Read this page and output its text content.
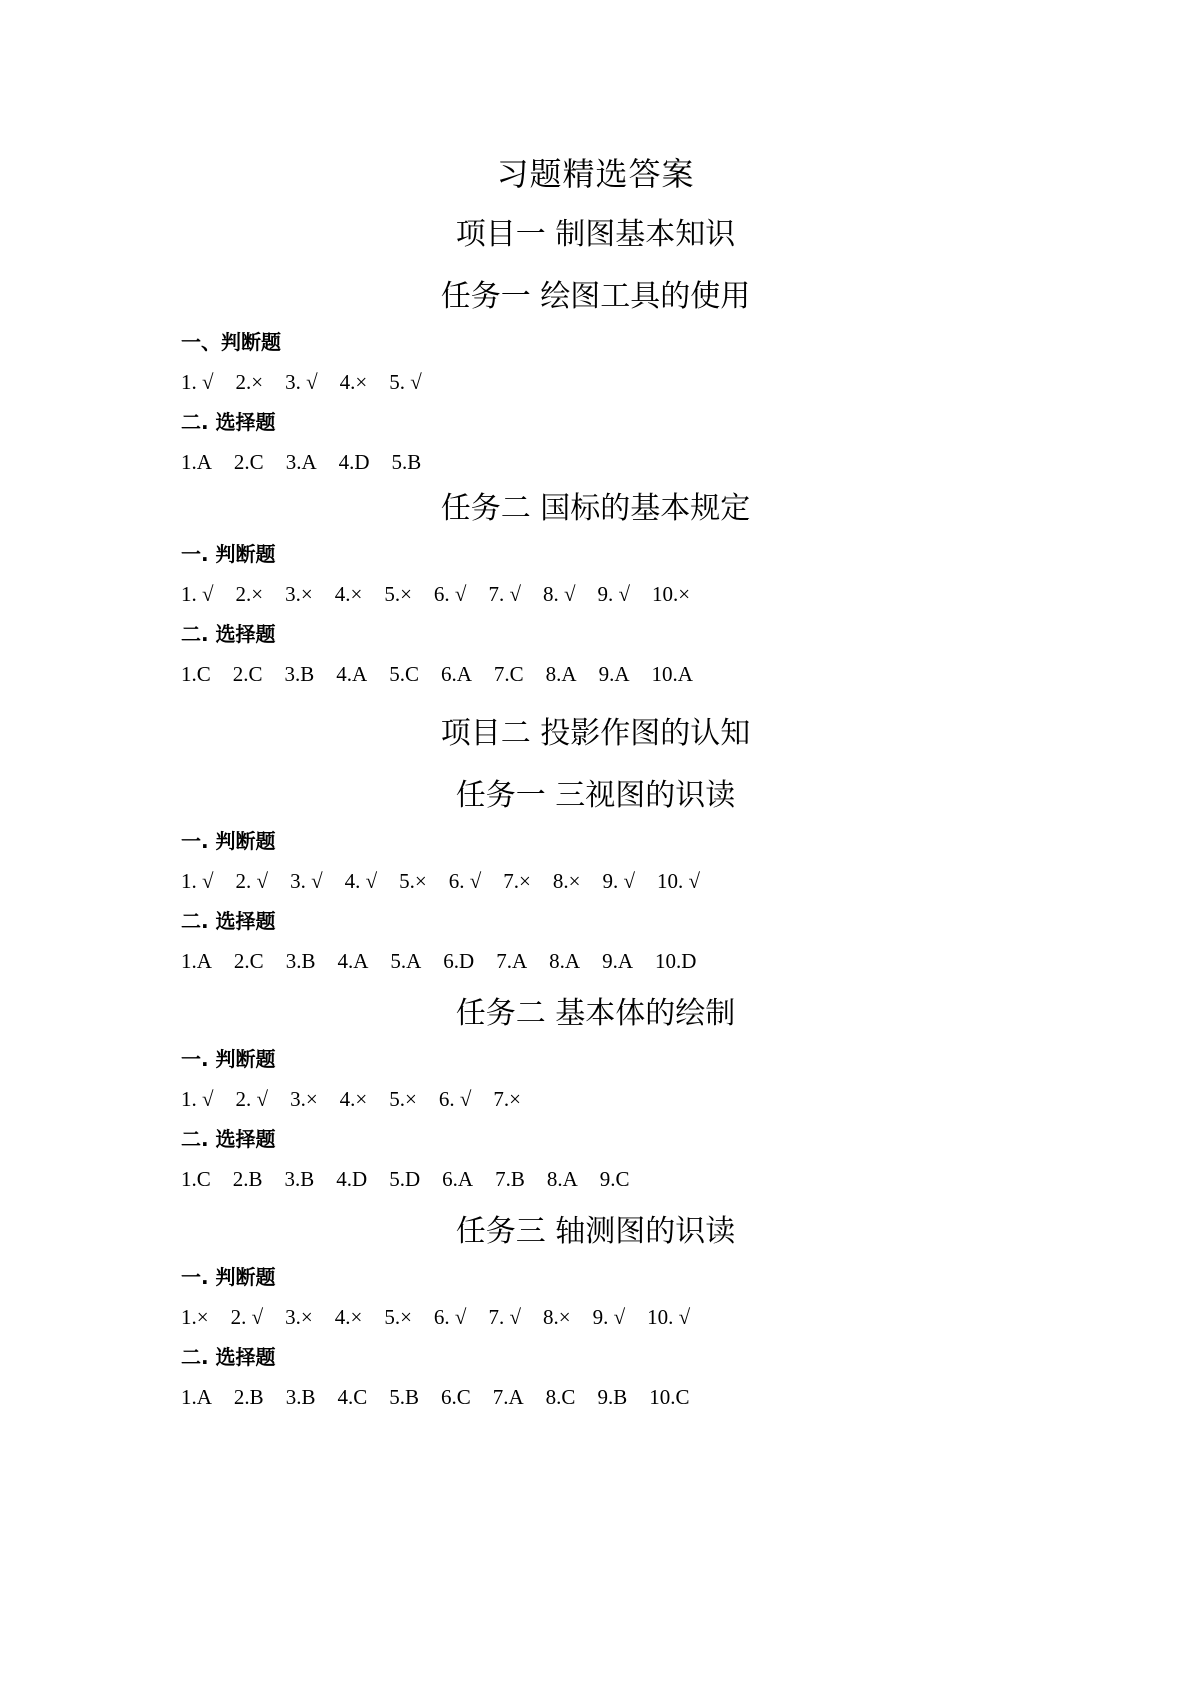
习题精选答案
项目一 制图基本知识
任务一 绘图工具的使用
一、判断题
1. √ 2.× 3. √ 4.× 5. √
二. 选择题
1.A 2.C 3.A 4.D 5.B
任务二 国标的基本规定
一. 判断题
1. √ 2.× 3.× 4.× 5.× 6. √ 7. √ 8. √ 9. √ 10.×
二. 选择题
1.C 2.C 3.B 4.A 5.C 6.A 7.C 8.A 9.A 10.A
项目二 投影作图的认知
任务一 三视图的识读
一. 判断题
1. √ 2. √ 3. √ 4. √ 5.× 6. √ 7.× 8.× 9. √ 10. √
二. 选择题
1.A 2.C 3.B 4.A 5.A 6.D 7.A 8.A 9.A 10.D
任务二 基本体的绘制
一. 判断题
1. √ 2. √ 3.× 4.× 5.× 6. √ 7.×
二. 选择题
1.C 2.B 3.B 4.D 5.D 6.A 7.B 8.A 9.C
任务三 轴测图的识读
一. 判断题
1.× 2. √ 3.× 4.× 5.× 6. √ 7. √ 8.× 9. √ 10. √
二. 选择题
1.A 2.B 3.B 4.C 5.B 6.C 7.A 8.C 9.B 10.C
